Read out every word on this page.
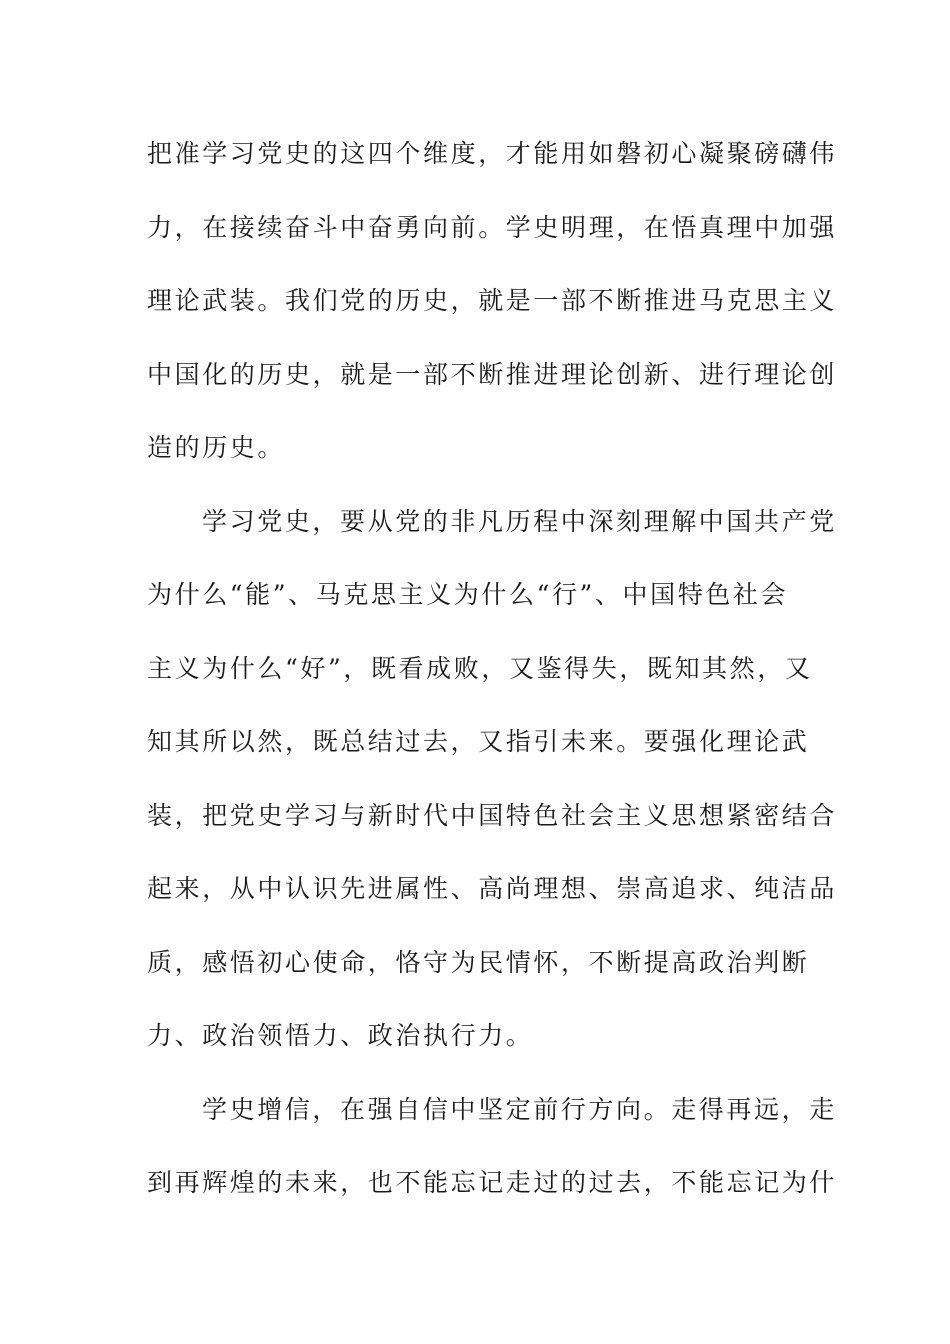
把准学习党史的这四个维度，才能用如磐初心凝聚磅礴伟
力，在接续奋斗中奋勇向前。学史明理，在悟真理中加强
理论武装。我们党的历史，就是一部不断推进马克思主义
中国化的历史，就是一部不断推进理论创新、进行理论创
造的历史。
学习党史，要从党的非凡历程中深刻理解中国共产党
为什么“能”、马克思主义为什么“行”、中国特色社会
主义为什么“好”，既看成败，又鉴得失，既知其然，又
知其所以然，既总结过去，又指引未来。要强化理论武
装，把党史学习与新时代中国特色社会主义思想紧密结合
起来，从中认识先进属性、高尚理想、崇高追求、纯洁品
质，感悟初心使命，恪守为民情怀，不断提高政治判断
力、政治领悟力、政治执行力。
学史增信，在强自信中坚定前行方向。走得再远，走
到再辉煌的未来，也不能忘记走过的过去，不能忘记为什
